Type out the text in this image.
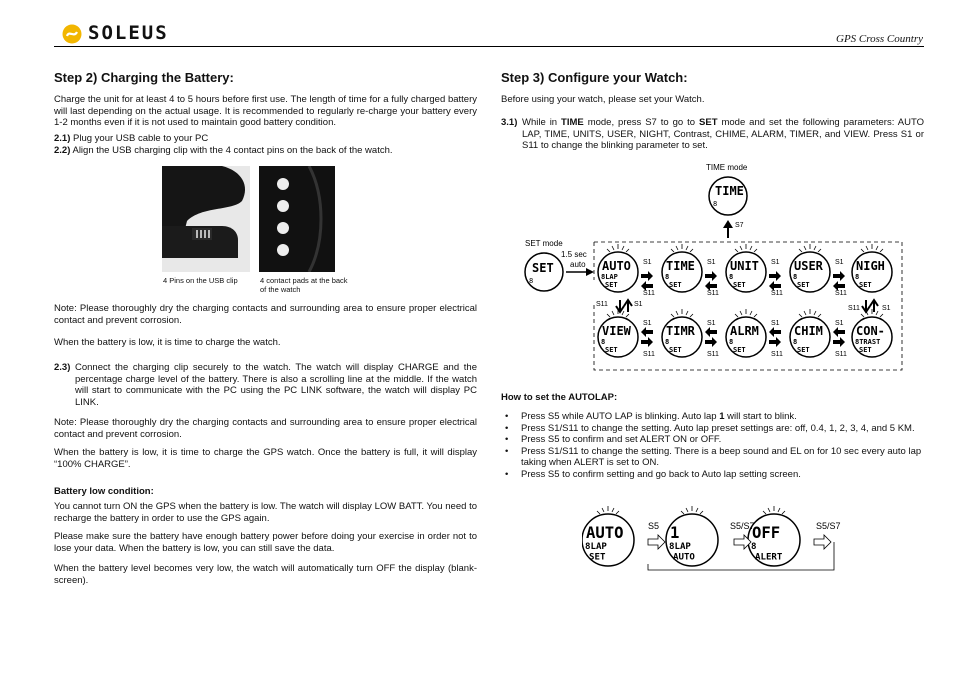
SOLEUS	GPS Cross Country
Step 2) Charging the Battery:

Charge the unit for at least 4 to 5 hours before first use. The length of time for a fully charged battery will last depending on the actual usage. It is recommended to regularly re-charge your battery every 1-2 months even if it is not used to maintain good battery condition.

2.1) Plug your USB cable to your PC

2.2) Align the USB charging clip with the 4 contact pins on the back of the watch.

4 Pins on the USB clip	4 contact pads at the back of the watch

Note: Please thoroughly dry the charging contacts and surrounding area to ensure proper electrical contact and prevent corrosion.

When the battery is low, it is time to charge the watch.

2.3) Connect the charging clip securely to the watch. The watch will display CHARGE and the percentage charge level of the battery. There is also a scrolling line at the middle. If the watch will start to communicate with the PC using the PC LINK software, the watch will display PC LINK.

Note: Please thoroughly dry the charging contacts and surrounding area to ensure proper electrical contact and prevent corrosion.

When the battery is low, it is time to charge the GPS watch. Once the battery is full, it will display “100% CHARGE”.

Battery low condition:

You cannot turn ON the GPS when the battery is low. The watch will display LOW BATT. You need to recharge the battery in order to use the GPS again.

Please make sure the battery have enough battery power before doing your exercise in order not to lose your data. When the battery is low, you can still save the data.

When the battery level becomes very low, the watch will automatically turn OFF the display (blank-screen).

Step 3) Configure your Watch:

Before using your watch, please set your Watch.

3.1) While in TIME mode, press S7 to go to SET mode and set the following parameters: AUTO LAP, TIME, UNITS, USER, NIGHT, Contrast, CHIME, ALARM, TIMER, and VIEW. Press S1 or S11 to change the blinking parameter to set.
TIME mode
TIME
8
S7
SET mode
1.5 sec
auto
SET
8
AUTO
8LAP
SET
S1
S11
TIME
8
SET
S1
S11
UNIT
8
SET
S1
S11
USER
8
SET
S1
S11
NIGH
8
SET
VIEW
8
SET
S1
S11
TIMR
8
SET
S1
S11
ALRM
8
SET
S1
S11
CHIM
8
SET
S1
S11
CON-
8TRAST
SET
S11	S1
S11	S1

How to set the AUTOLAP:

• Press S5 while AUTO LAP is blinking. Auto lap 1 will start to blink.
• Press S1/S11 to change the setting. Auto lap preset settings are: off, 0.4, 1, 2, 3, 4, and 5 KM.
• Press S5 to confirm and set ALERT ON or OFF.
• Press S1/S11 to change the setting. There is a beep sound and EL on for 10 sec every auto lap taking when ALERT is set to ON.
• Press S5 to confirm setting and go back to Auto lap setting screen.
AUTO
8LAP
SET
1
8LAP
AUTO
OFF
8
ALERT
S5	S5/S7	S5/S7
